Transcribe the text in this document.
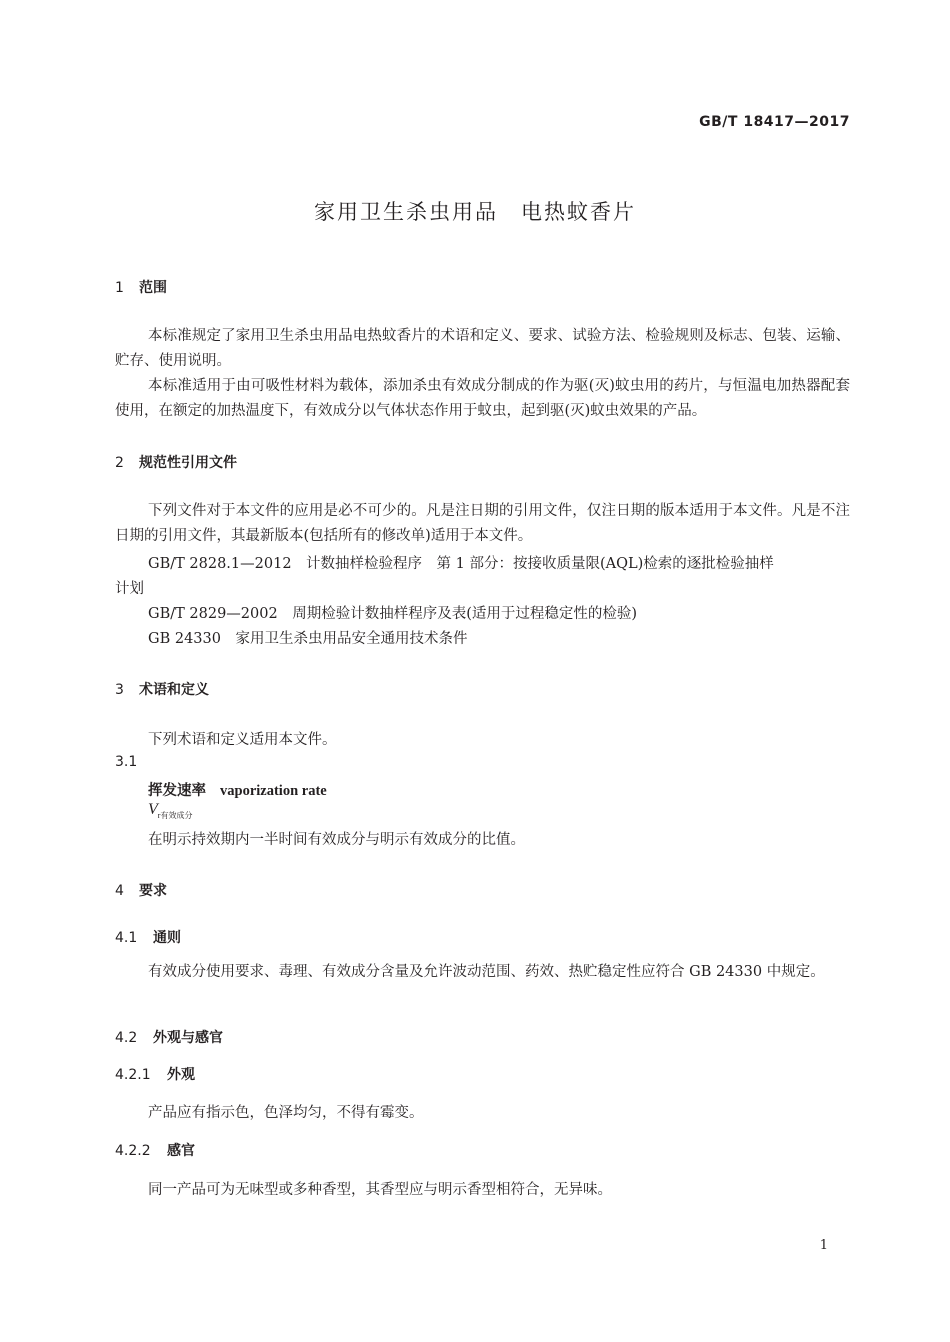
GB/T 18417—2017
家用卫生杀虫用品　电热蚊香片
1 范围
本标准规定了家用卫生杀虫用品电热蚊香片的术语和定义、要求、试验方法、检验规则及标志、包装、运输、贮存、使用说明。
本标准适用于由可吸性材料为载体，添加杀虫有效成分制成的作为驱(灭)蚊虫用的药片，与恒温电加热器配套使用，在额定的加热温度下，有效成分以气体状态作用于蚊虫，起到驱(灭)蚊虫效果的产品。
2 规范性引用文件
下列文件对于本文件的应用是必不可少的。凡是注日期的引用文件，仅注日期的版本适用于本文件。凡是不注日期的引用文件，其最新版本(包括所有的修改单)适用于本文件。
GB/T 2828.1—2012　计数抽样检验程序　第 1 部分：按接收质量限(AQL)检索的逐批检验抽样
计划
GB/T 2829—2002　周期检验计数抽样程序及表(适用于过程稳定性的检验)
GB 24330　家用卫生杀虫用品安全通用技术条件
3 术语和定义
下列术语和定义适用本文件。
3.1
挥发速率 vaporization rate
$V_{r有效成分}$
在明示持效期内一半时间有效成分与明示有效成分的比值。
4 要求
4.1 通则
有效成分使用要求、毒理、有效成分含量及允许波动范围、药效、热贮稳定性应符合 GB 24330 中规定。
4.2 外观与感官
4.2.1 外观
产品应有指示色，色泽均匀，不得有霉变。
4.2.2 感官
同一产品可为无味型或多种香型，其香型应与明示香型相符合，无异味。
1
